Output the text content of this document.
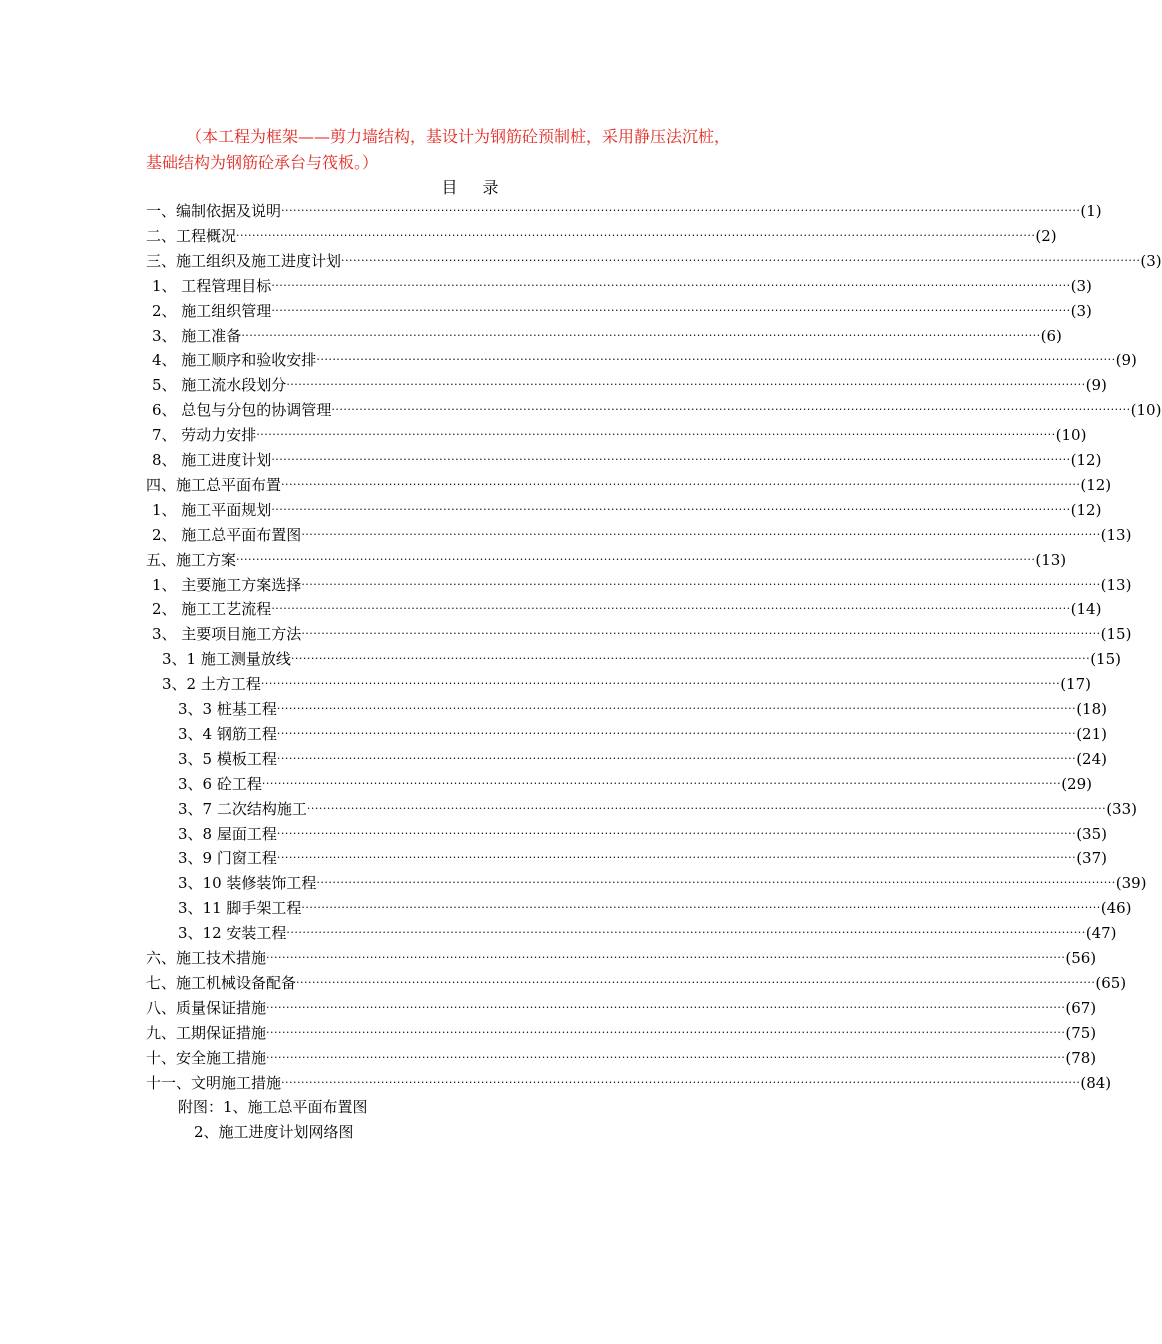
（本工程为框架——剪力墙结构，基设计为钢筋砼预制桩，采用静压法沉桩，
基础结构为钢筋砼承台与筏板。）
目 录
一、编制依据及说明 ········································································································································································································ (1)
二、工程概况 ········································································································································································································ (2)
三、施工组织及施工进度计划 ········································································································································································································ (3)
1、 工程管理目标 ········································································································································································································ (3)
2、 施工组织管理 ········································································································································································································ (3)
3、 施工准备 ········································································································································································································ (6)
4、 施工顺序和验收安排 ········································································································································································································ (9)
5、 施工流水段划分 ········································································································································································································ (9)
6、 总包与分包的协调管理 ········································································································································································································ (10)
7、 劳动力安排 ········································································································································································································ (10)
8、 施工进度计划 ········································································································································································································ (12)
四、施工总平面布置 ········································································································································································································ (12)
1、 施工平面规划 ········································································································································································································ (12)
2、 施工总平面布置图 ········································································································································································································ (13)
五、施工方案 ········································································································································································································ (13)
1、 主要施工方案选择 ········································································································································································································ (13)
2、 施工工艺流程 ········································································································································································································ (14)
3、 主要项目施工方法 ········································································································································································································ (15)
3、1 施工测量放线 ········································································································································································································ (15)
3、2 土方工程 ········································································································································································································ (17)
3、3 桩基工程 ········································································································································································································ (18)
3、4 钢筋工程 ········································································································································································································ (21)
3、5 模板工程 ········································································································································································································ (24)
3、6 砼工程 ········································································································································································································ (29)
3、7 二次结构施工 ········································································································································································································ (33)
3、8 屋面工程 ········································································································································································································ (35)
3、9 门窗工程 ········································································································································································································ (37)
3、10 装修装饰工程 ········································································································································································································ (39)
3、11 脚手架工程 ········································································································································································································ (46)
3、12 安装工程 ········································································································································································································ (47)
六、施工技术措施 ········································································································································································································ (56)
七、施工机械设备配备 ········································································································································································································ (65)
八、质量保证措施 ········································································································································································································ (67)
九、工期保证措施 ········································································································································································································ (75)
十、安全施工措施 ········································································································································································································ (78)
十一、文明施工措施 ········································································································································································································ (84)
附图：1、施工总平面布置图
2、施工进度计划网络图
